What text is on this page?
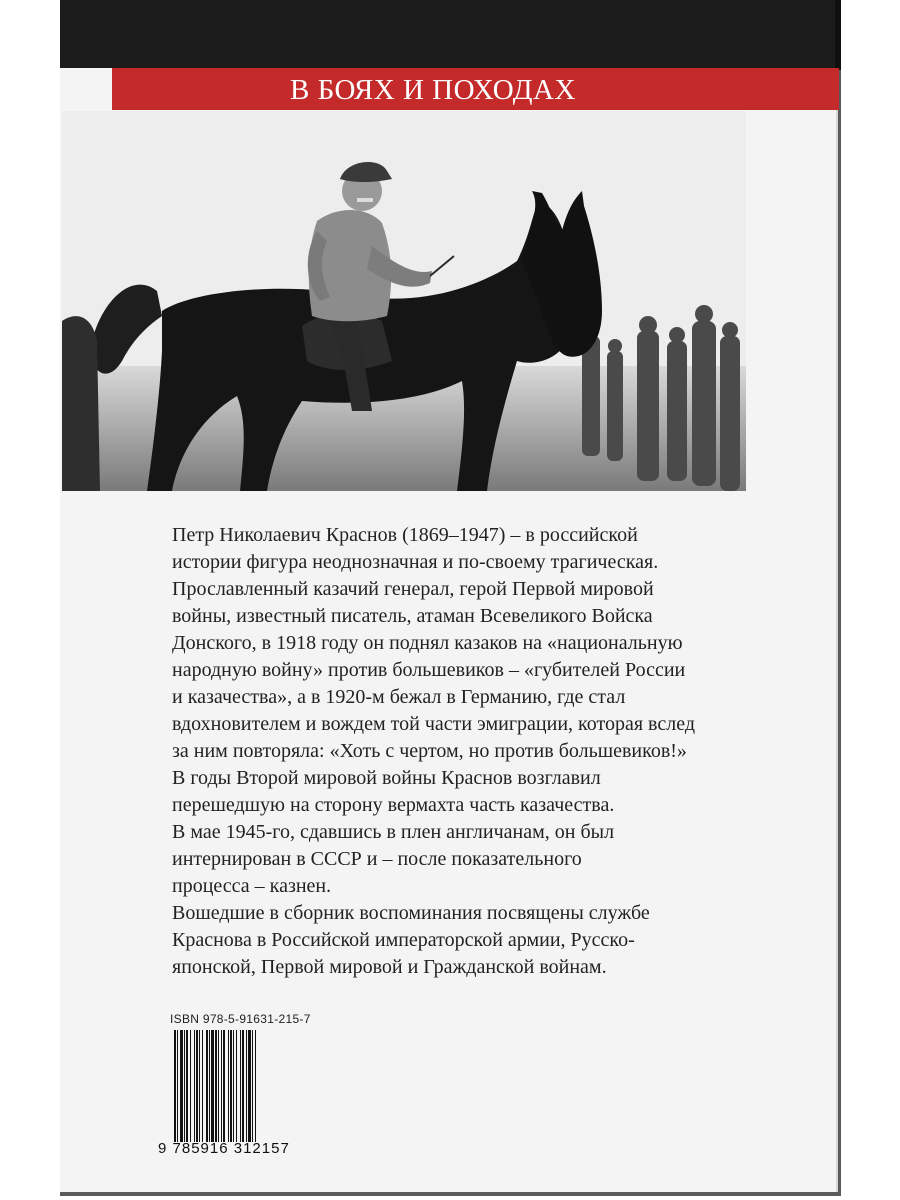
В БОЯХ И ПОХОДАХ
Петр Николаевич Краснов (1869–1947) – в российской
истории фигура неоднозначная и по-своему трагическая.
Прославленный казачий генерал, герой Первой мировой
войны, известный писатель, атаман Всевеликого Войска
Донского, в 1918 году он поднял казаков на «национальную
народную войну» против большевиков – «губителей России
и казачества», а в 1920-м бежал в Германию, где стал
вдохновителем и вождем той части эмиграции, которая вслед
за ним повторяла: «Хоть с чертом, но против большевиков!»
В годы Второй мировой войны Краснов возглавил
перешедшую на сторону вермахта часть казачества.
В мае 1945-го, сдавшись в плен англичанам, он был
интернирован в СССР и – после показательного
процесса – казнен.
Вошедшие в сборник воспоминания посвящены службе
Краснова в Российской императорской армии, Русско-
японской, Первой мировой и Гражданской войнам.
ISBN 978-5-91631-215-7
9 785916 312157
